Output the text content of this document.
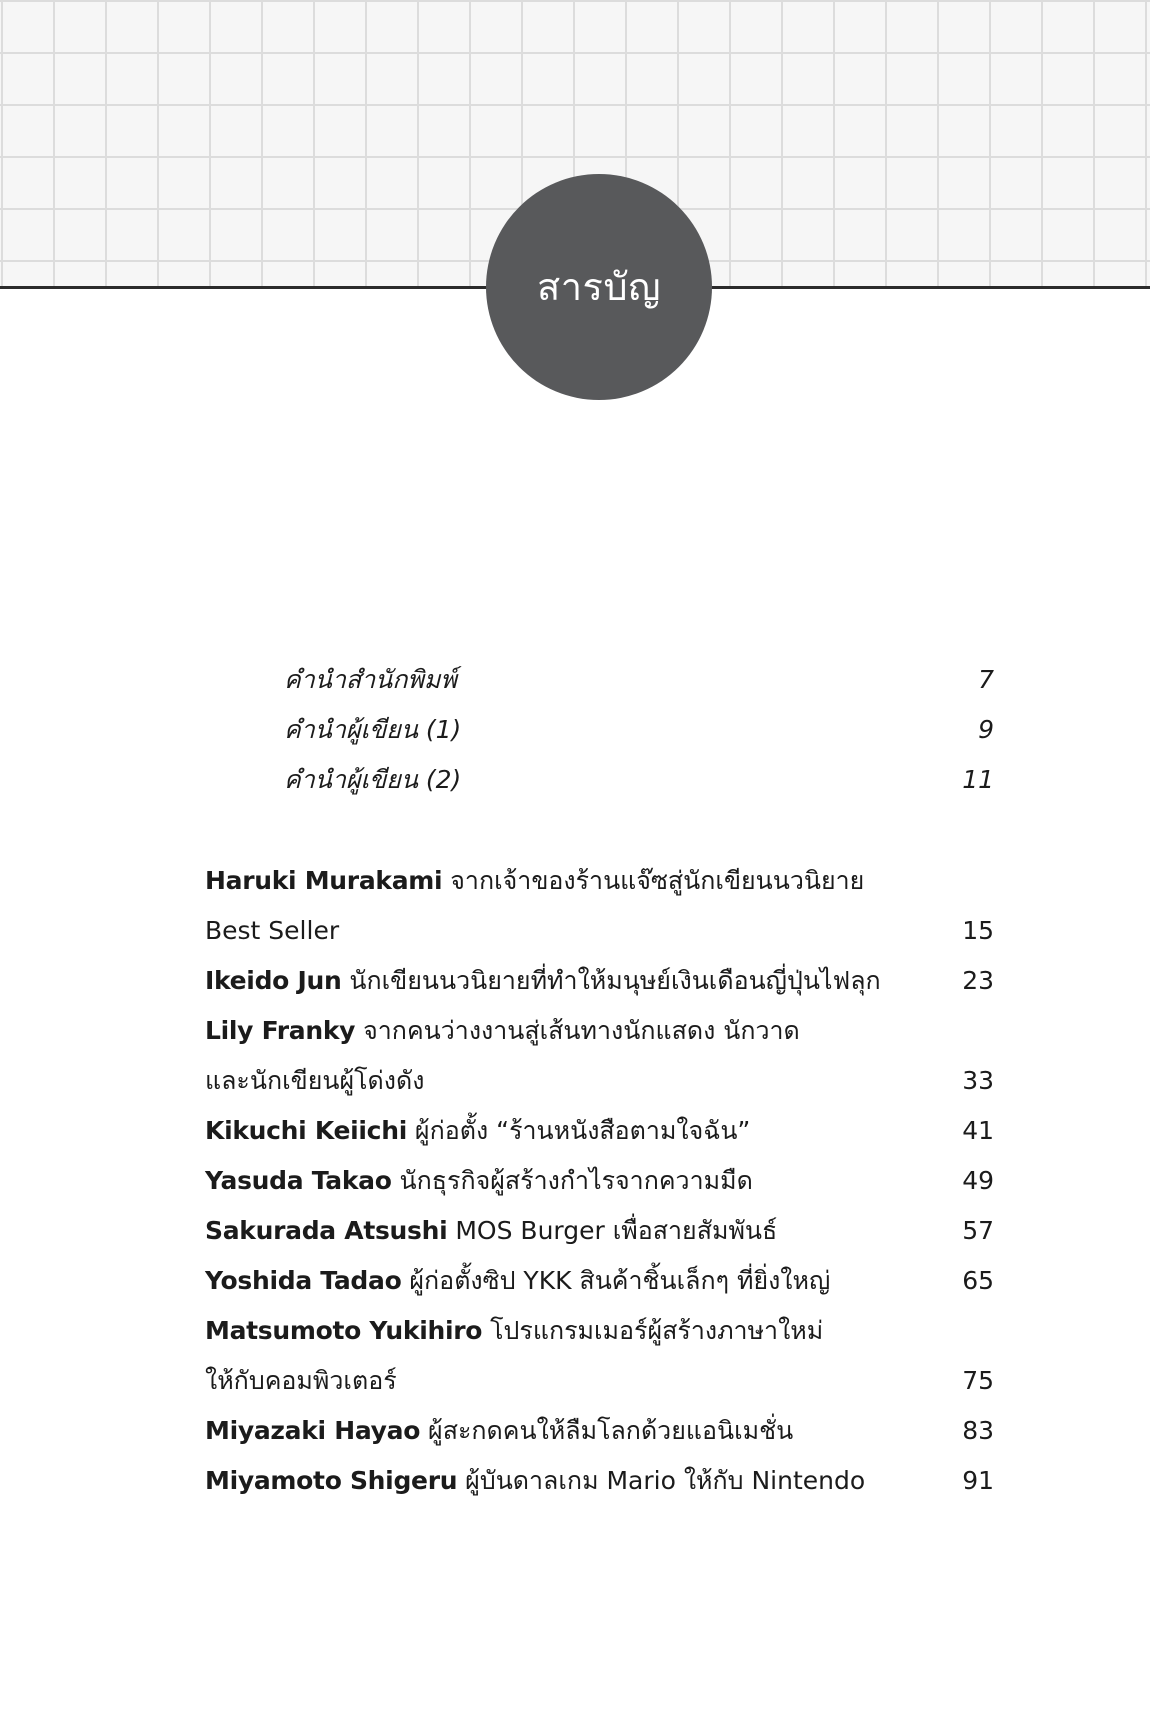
สารบัญ
คำนำสำนักพิมพ์	7
คำนำผู้เขียน (1)	9
คำนำผู้เขียน (2)	11
Haruki Murakami จากเจ้าของร้านแจ๊ซสู่นักเขียนนวนิยาย
Best Seller	15
Ikeido Jun นักเขียนนวนิยายที่ทำให้มนุษย์เงินเดือนญี่ปุ่นไฟลุก	23
Lily Franky จากคนว่างงานสู่เส้นทางนักแสดง นักวาด
และนักเขียนผู้โด่งดัง	33
Kikuchi Keiichi ผู้ก่อตั้ง “ร้านหนังสือตามใจฉัน”	41
Yasuda Takao นักธุรกิจผู้สร้างกำไรจากความมืด	49
Sakurada Atsushi MOS Burger เพื่อสายสัมพันธ์	57
Yoshida Tadao ผู้ก่อตั้งซิป YKK สินค้าชิ้นเล็กๆ ที่ยิ่งใหญ่	65
Matsumoto Yukihiro โปรแกรมเมอร์ผู้สร้างภาษาใหม่
ให้กับคอมพิวเตอร์	75
Miyazaki Hayao ผู้สะกดคนให้ลืมโลกด้วยแอนิเมชั่น	83
Miyamoto Shigeru ผู้บันดาลเกม Mario ให้กับ Nintendo	91
